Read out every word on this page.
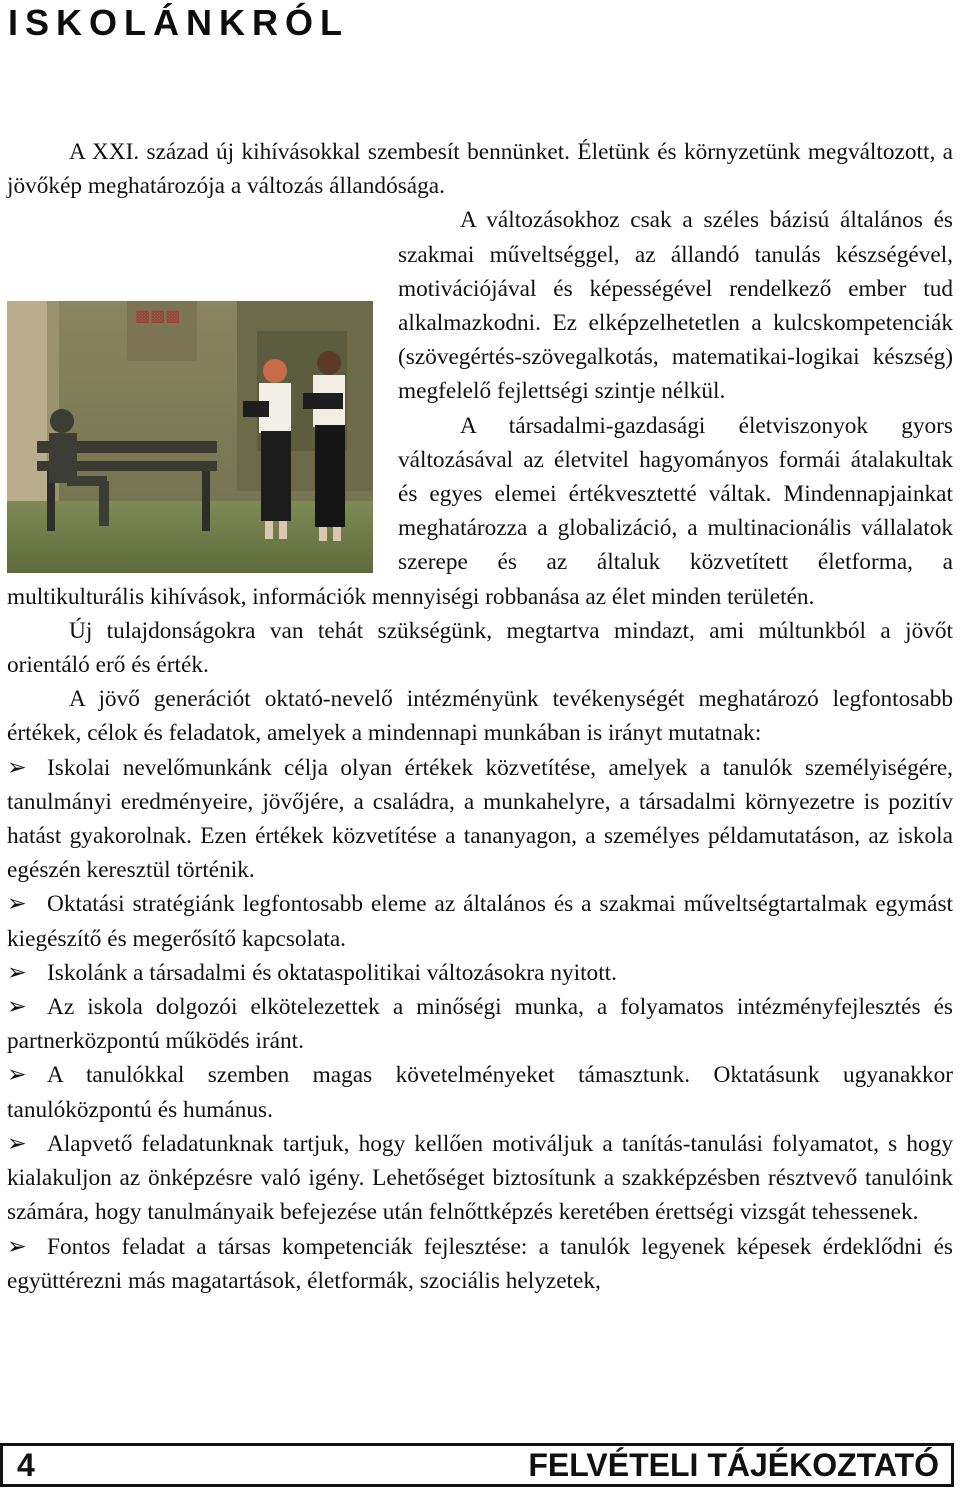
ISKOLÁNKRÓL

A XXI. század új kihívásokkal szembesít bennünket. Életünk és környzetünk megváltozott, a jövőkép meghatározója a változás állandósága.

▩▩▩

A változásokhoz csak a széles bázisú általános és szakmai műveltséggel, az állandó tanulás készségével, motivációjával és képességével rendelkező ember tud alkalmazkodni. Ez elképzelhetetlen a kulcskompetenciák (szövegértés-szövegalkotás, matematikai-logikai készség) megfelelő fejlettségi szintje nélkül.

A társadalmi-gazdasági életviszonyok gyors változásával az életvitel hagyományos formái átalakultak és egyes elemei értékvesztetté váltak. Mindennapjainkat meghatározza a globalizáció, a multinacionális vállalatok szerepe és az általuk közvetített életforma, a multikulturális kihívások, információk mennyiségi robbanása az élet minden területén.

Új tulajdonságokra van tehát szükségünk, megtartva mindazt, ami múltunkból a jövőt orientáló erő és érték.

A jövő generációt oktató-nevelő intézményünk tevékenységét meghatározó legfontosabb értékek, célok és feladatok, amelyek a mindennapi munkában is irányt mutatnak:

➢ Iskolai nevelőmunkánk célja olyan értékek közvetítése, amelyek a tanulók személyiségére, tanulmányi eredményeire, jövőjére, a családra, a munkahelyre, a társadalmi környezetre is pozitív hatást gyakorolnak. Ezen értékek közvetítése a tananyagon, a személyes példamutatáson, az iskola egészén keresztül történik.

➢ Oktatási stratégiánk legfontosabb eleme az általános és a szakmai műveltségtartalmak egymást kiegészítő és megerősítő kapcsolata.

➢ Iskolánk a társadalmi és oktataspolitikai változásokra nyitott.

➢ Az iskola dolgozói elkötelezettek a minőségi munka, a folyamatos intézményfejlesztés és partnerközpontú működés iránt.

➢ A tanulókkal szemben magas követelményeket támasztunk. Oktatásunk ugyanakkor tanulóközpontú és humánus.

➢ Alapvető feladatunknak tartjuk, hogy kellően motiváljuk a tanítás-tanulási folyamatot, s hogy kialakuljon az önképzésre való igény. Lehetőséget biztosítunk a szakképzésben résztvevő tanulóink számára, hogy tanulmányaik befejezése után felnőttképzés keretében érettségi vizsgát tehessenek.

➢ Fontos feladat a társas kompetenciák fejlesztése: a tanulók legyenek képesek érdeklődni és együttérezni más magatartások, életformák, szociális helyzetek,

4	FELVÉTELI TÁJÉKOZTATÓ
